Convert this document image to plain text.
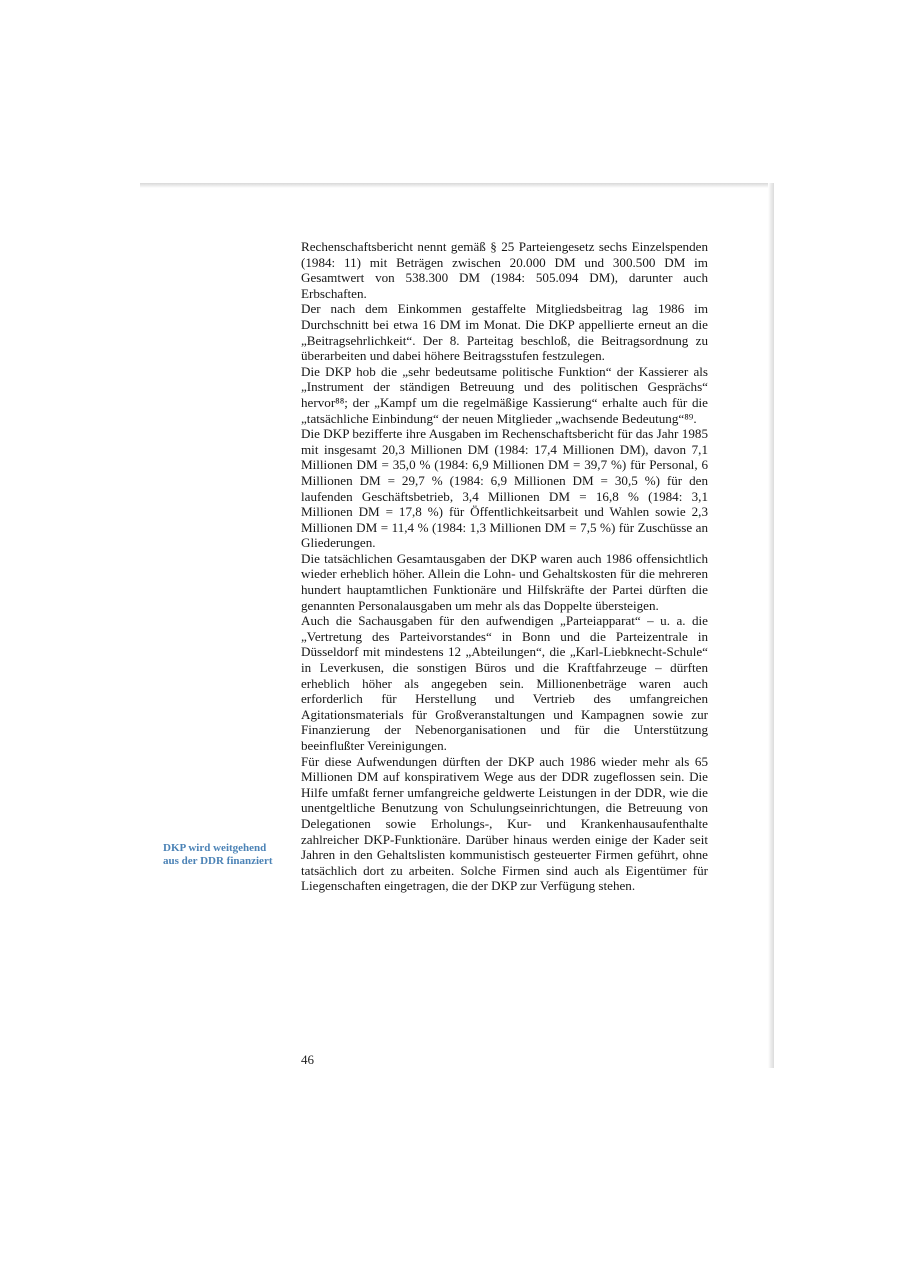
DKP wird weitgehend aus der DDR finanziert

Rechenschaftsbericht nennt gemäß § 25 Parteiengesetz sechs Einzelspenden (1984: 11) mit Beträgen zwischen 20.000 DM und 300.500 DM im Gesamtwert von 538.300 DM (1984: 505.094 DM), darunter auch Erbschaften.

Der nach dem Einkommen gestaffelte Mitgliedsbeitrag lag 1986 im Durchschnitt bei etwa 16 DM im Monat. Die DKP appellierte erneut an die „Beitragsehrlichkeit“. Der 8. Parteitag beschloß, die Beitragsordnung zu überarbeiten und dabei höhere Beitragsstufen festzulegen.

Die DKP hob die „sehr bedeutsame politische Funktion“ der Kassierer als „Instrument der ständigen Betreuung und des politischen Gesprächs“ hervor⁸⁸; der „Kampf um die regelmäßige Kassierung“ erhalte auch für die „tatsächliche Einbindung“ der neuen Mitglieder „wachsende Bedeutung“⁸⁹.

Die DKP bezifferte ihre Ausgaben im Rechenschaftsbericht für das Jahr 1985 mit insgesamt 20,3 Millionen DM (1984: 17,4 Millionen DM), davon 7,1 Millionen DM = 35,0 % (1984: 6,9 Millionen DM = 39,7 %) für Personal, 6 Millionen DM = 29,7 % (1984: 6,9 Millionen DM = 30,5 %) für den laufenden Geschäftsbetrieb, 3,4 Millionen DM = 16,8 % (1984: 3,1 Millionen DM = 17,8 %) für Öffentlichkeitsarbeit und Wahlen sowie 2,3 Millionen DM = 11,4 % (1984: 1,3 Millionen DM = 7,5 %) für Zuschüsse an Gliederungen.

Die tatsächlichen Gesamtausgaben der DKP waren auch 1986 offensichtlich wieder erheblich höher. Allein die Lohn- und Gehaltskosten für die mehreren hundert hauptamtlichen Funktionäre und Hilfskräfte der Partei dürften die genannten Personalausgaben um mehr als das Doppelte übersteigen.

Auch die Sachausgaben für den aufwendigen „Parteiapparat“ – u. a. die „Vertretung des Parteivorstandes“ in Bonn und die Parteizentrale in Düsseldorf mit mindestens 12 „Abteilungen“, die „Karl-Liebknecht-Schule“ in Leverkusen, die sonstigen Büros und die Kraftfahrzeuge – dürften erheblich höher als angegeben sein. Millionenbeträge waren auch erforderlich für Herstellung und Vertrieb des umfangreichen Agitationsmaterials für Großveranstaltungen und Kampagnen sowie zur Finanzierung der Nebenorganisationen und für die Unterstützung beeinflußter Vereinigungen.

Für diese Aufwendungen dürften der DKP auch 1986 wieder mehr als 65 Millionen DM auf konspirativem Wege aus der DDR zugeflossen sein. Die Hilfe umfaßt ferner umfangreiche geldwerte Leistungen in der DDR, wie die unentgeltliche Benutzung von Schulungseinrichtungen, die Betreuung von Delegationen sowie Erholungs-, Kur- und Krankenhausaufenthalte zahlreicher DKP-Funktionäre. Darüber hinaus werden einige der Kader seit Jahren in den Gehaltslisten kommunistisch gesteuerter Firmen geführt, ohne tatsächlich dort zu arbeiten. Solche Firmen sind auch als Eigentümer für Liegenschaften eingetragen, die der DKP zur Verfügung stehen.

46
